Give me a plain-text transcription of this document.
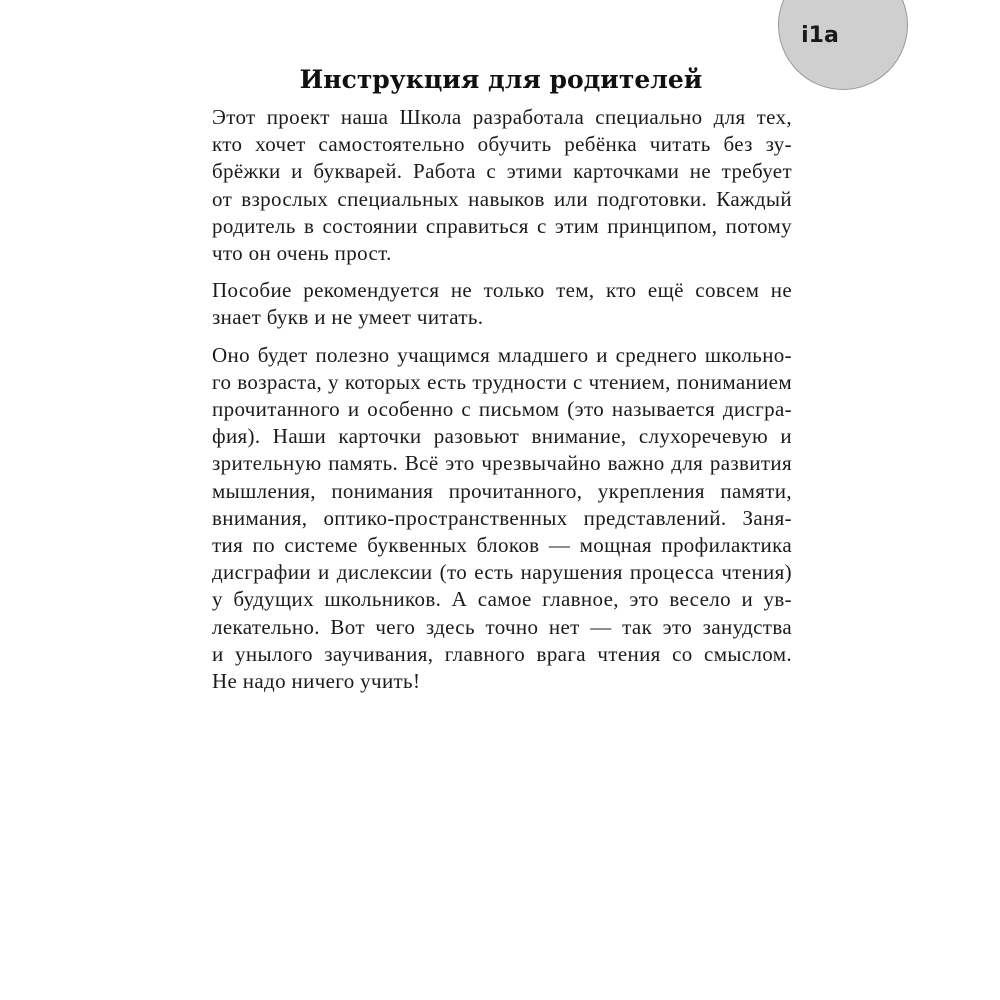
i1a
Инструкция для родителей

Этот проект наша Школа разработала специально для тех,
кто хочет самостоятельно обучить ребёнка читать без зу-
брёжки и букварей. Работа с этими карточками не требует
от взрослых специальных навыков или подготовки. Каждый
родитель в состоянии справиться с этим принципом, потому
что он очень прост.

Пособие рекомендуется не только тем, кто ещё совсем не
знает букв и не умеет читать.

Оно будет полезно учащимся младшего и среднего школьно-
го возраста, у которых есть трудности с чтением, пониманием
прочитанного и особенно с письмом (это называется дисгра-
фия). Наши карточки разовьют внимание, слухоречевую и
зрительную память. Всё это чрезвычайно важно для развития
мышления, понимания прочитанного, укрепления памяти,
внимания, оптико-пространственных представлений. Заня-
тия по системе буквенных блоков — мощная профилактика
дисграфии и дислексии (то есть нарушения процесса чтения)
у будущих школьников. А самое главное, это весело и ув-
лекательно. Вот чего здесь точно нет — так это занудства
и унылого заучивания, главного врага чтения со смыслом.
Не надо ничего учить!
